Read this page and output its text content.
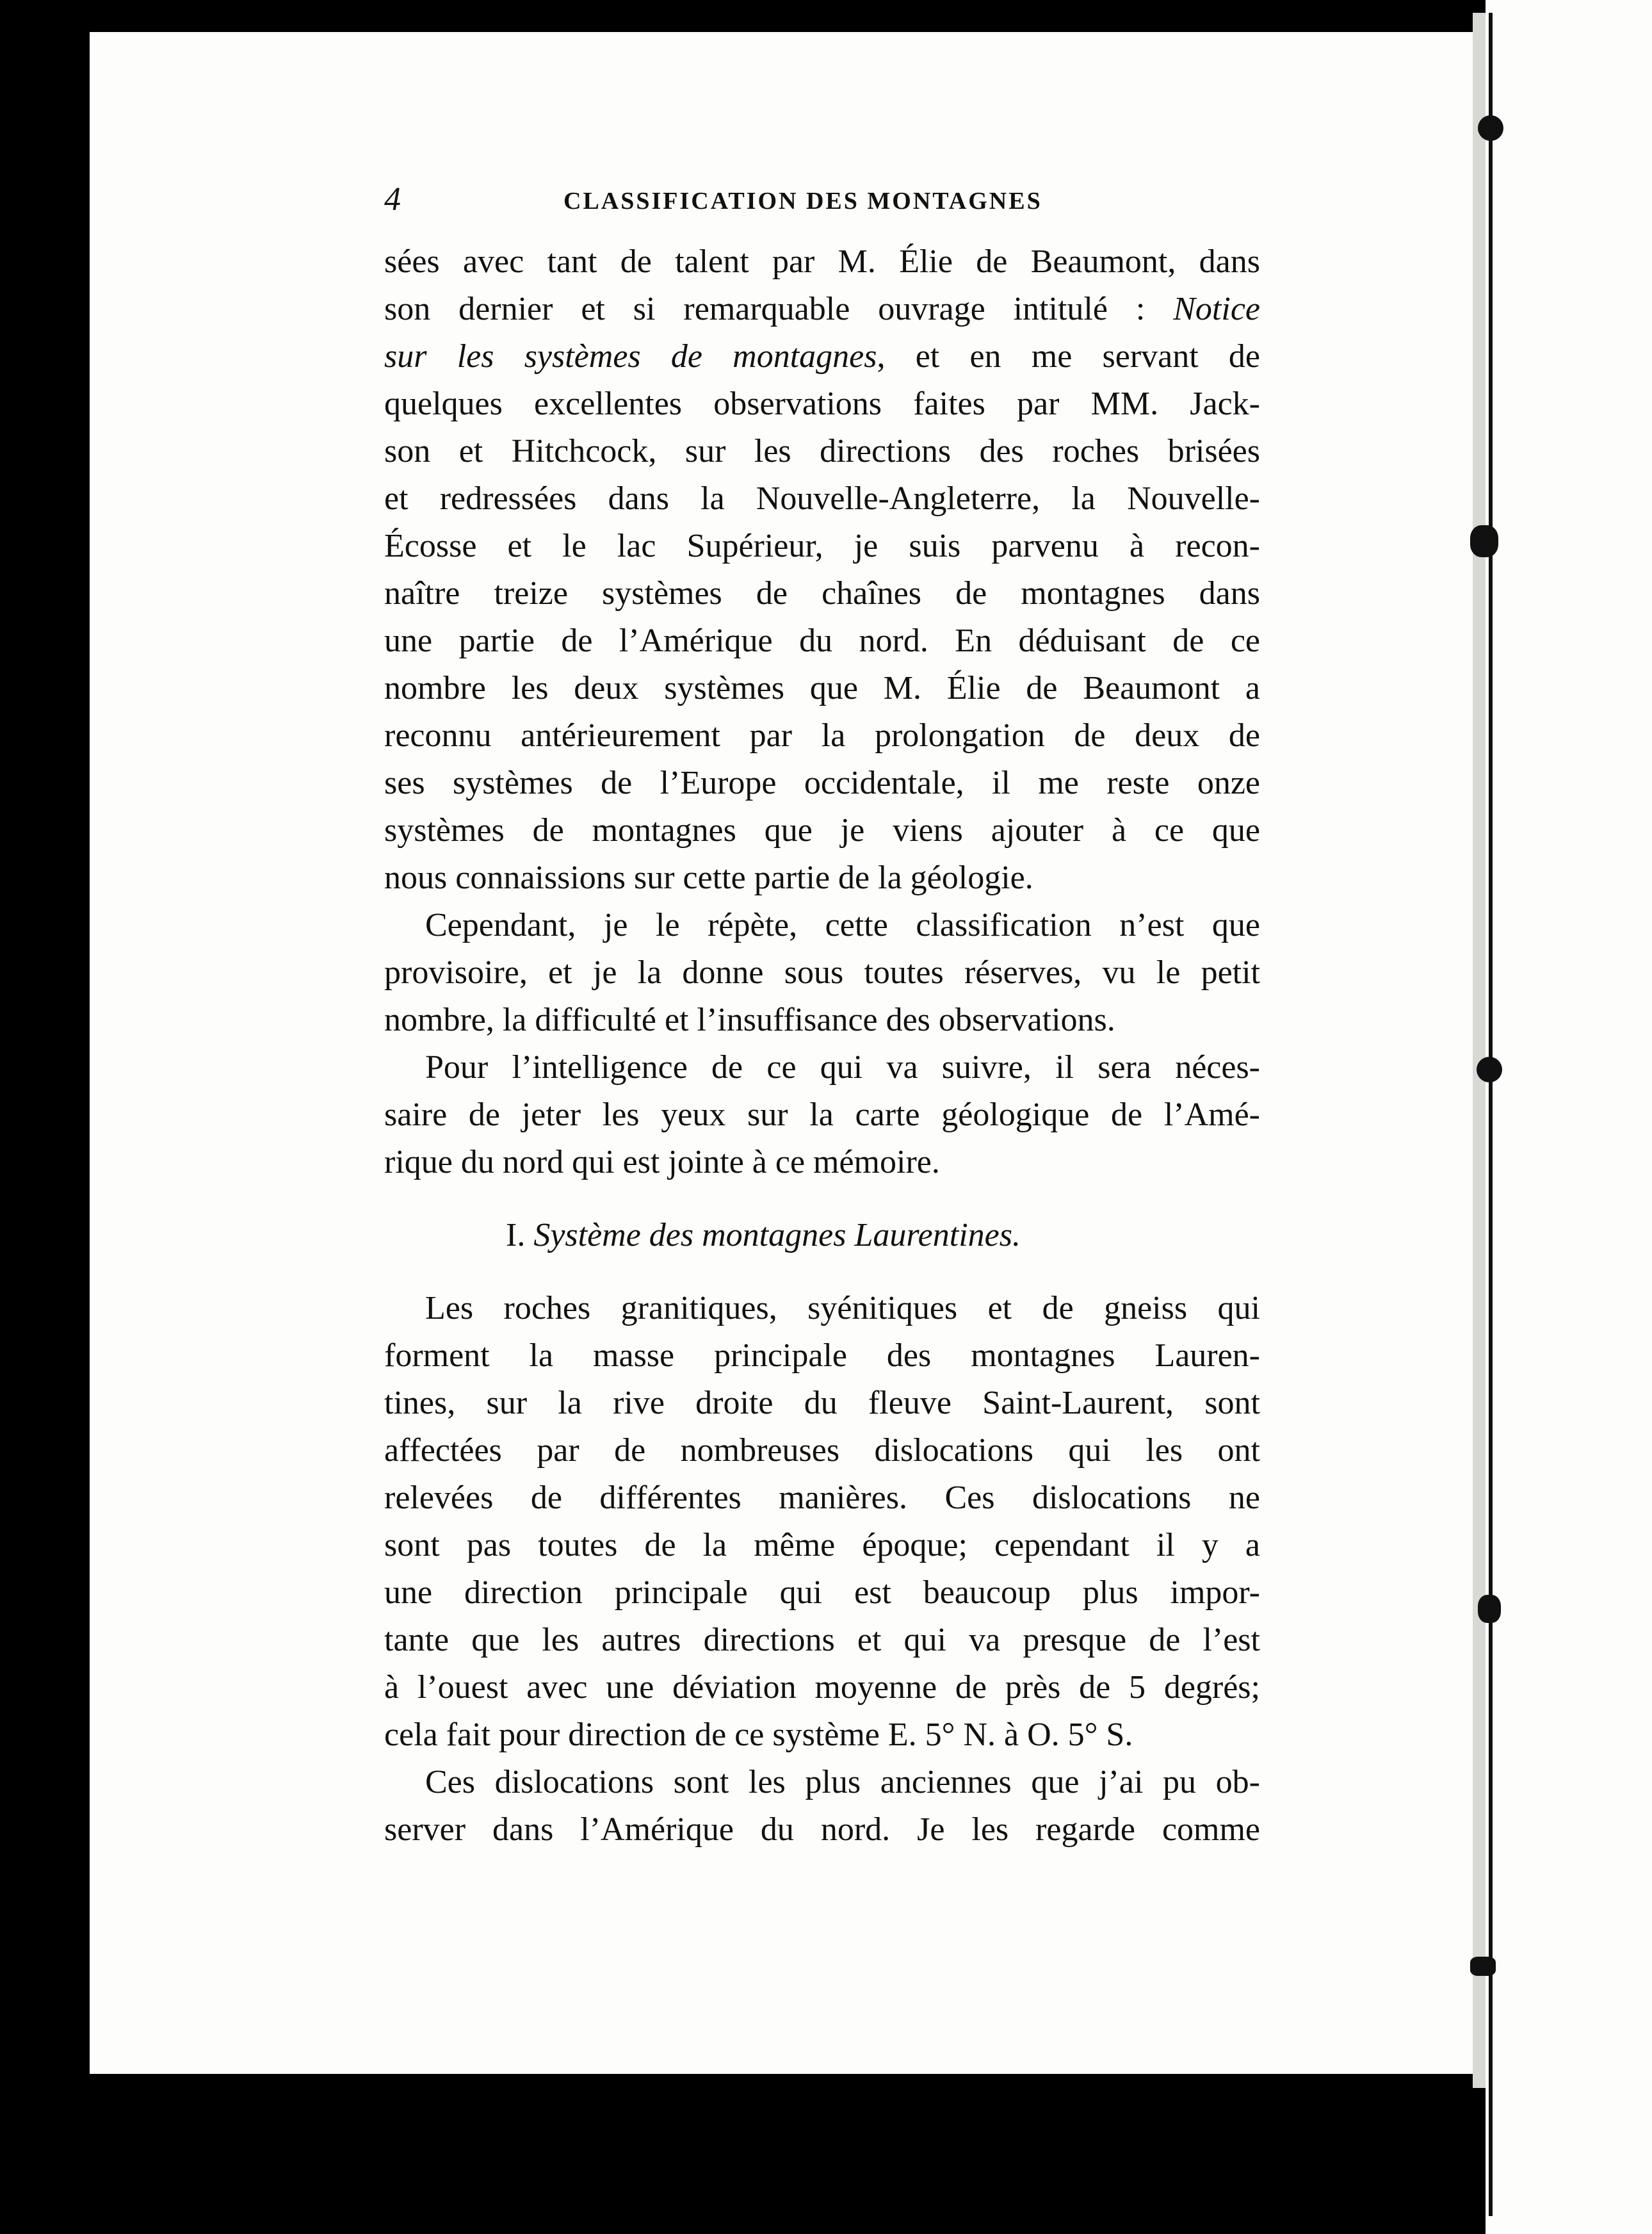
4	CLASSIFICATION DES MONTAGNES
sées avec tant de talent par M. Élie de Beaumont, dans
son dernier et si remarquable ouvrage intitulé : Notice
sur les systèmes de montagnes, et en me servant de
quelques excellentes observations faites par MM. Jack-
son et Hitchcock, sur les directions des roches brisées
et redressées dans la Nouvelle-Angleterre, la Nouvelle-
Écosse et le lac Supérieur, je suis parvenu à recon-
naître treize systèmes de chaînes de montagnes dans
une partie de l’Amérique du nord. En déduisant de ce
nombre les deux systèmes que M. Élie de Beaumont a
reconnu antérieurement par la prolongation de deux de
ses systèmes de l’Europe occidentale, il me reste onze
systèmes de montagnes que je viens ajouter à ce que
nous connaissions sur cette partie de la géologie.
Cependant, je le répète, cette classification n’est que
provisoire, et je la donne sous toutes réserves, vu le petit
nombre, la difficulté et l’insuffisance des observations.
Pour l’intelligence de ce qui va suivre, il sera néces-
saire de jeter les yeux sur la carte géologique de l’Amé-
rique du nord qui est jointe à ce mémoire.
I. Système des montagnes Laurentines.
Les roches granitiques, syénitiques et de gneiss qui
forment la masse principale des montagnes Lauren-
tines, sur la rive droite du fleuve Saint-Laurent, sont
affectées par de nombreuses dislocations qui les ont
relevées de différentes manières. Ces dislocations ne
sont pas toutes de la même époque; cependant il y a
une direction principale qui est beaucoup plus impor-
tante que les autres directions et qui va presque de l’est
à l’ouest avec une déviation moyenne de près de 5 degrés;
cela fait pour direction de ce système E. 5° N. à O. 5° S.
Ces dislocations sont les plus anciennes que j’ai pu ob-
server dans l’Amérique du nord. Je les regarde comme
